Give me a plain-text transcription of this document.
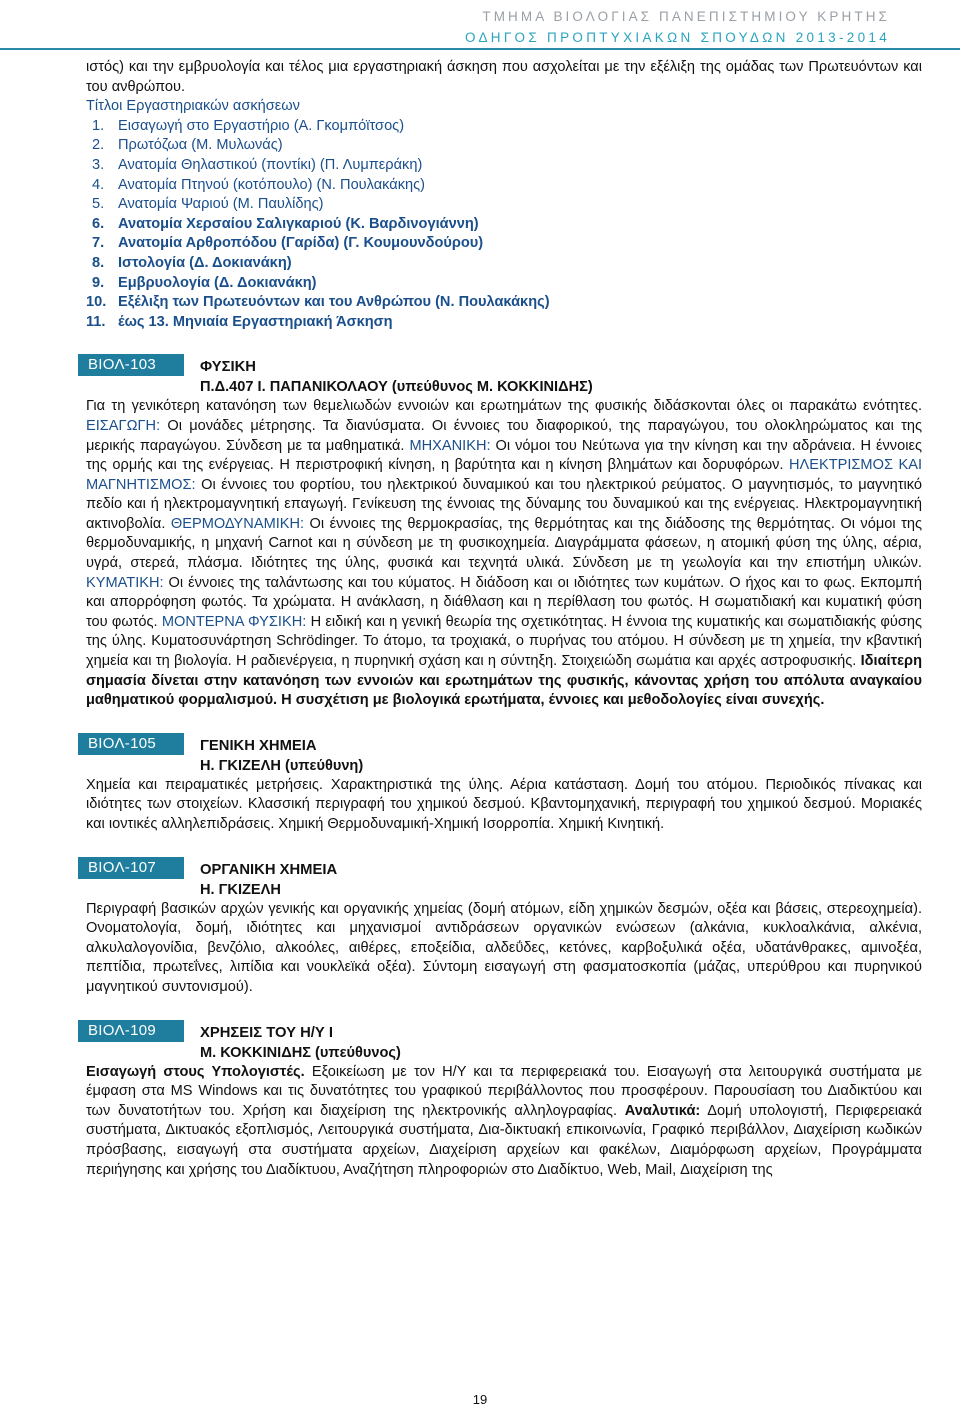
ΤΜΗΜΑ ΒΙΟΛΟΓΙΑΣ ΠΑΝΕΠΙΣΤΗΜΙΟΥ ΚΡΗΤΗΣ
ΟΔΗΓΟΣ ΠΡΟΠΤΥΧΙΑΚΩΝ ΣΠΟΥΔΩΝ 2013-2014

ιστός) και την εμβρυολογία και τέλος μια εργαστηριακή άσκηση που ασχολείται με την εξέλιξη της ομάδας των Πρωτευόντων και του ανθρώπου.

Τίτλοι Εργαστηριακών ασκήσεων
1. Εισαγωγή στο Εργαστήριο (Α. Γκομπόϊτσος)
2. Πρωτόζωα (Μ. Μυλωνάς)
3. Ανατομία Θηλαστικού (ποντίκι) (Π. Λυμπεράκη)
4. Ανατομία Πτηνού (κοτόπουλο) (Ν. Πουλακάκης)
5. Ανατομία Ψαριού (Μ. Παυλίδης)
6. Ανατομία Χερσαίου Σαλιγκαριού (Κ. Βαρδινογιάννη)
7. Ανατομία Αρθροπόδου (Γαρίδα) (Γ. Κουμουνδούρου)
8. Ιστολογία (Δ. Δοκιανάκη)
9. Εμβρυολογία (Δ. Δοκιανάκη)
10. Εξέλιξη των Πρωτευόντων και του Ανθρώπου (Ν. Πουλακάκης)
11. έως 13. Μηνιαία Εργαστηριακή Άσκηση
ΒΙΟΛ-103	ΦΥΣΙΚΗ
Π.Δ.407 Ι. ΠΑΠΑΝΙΚΟΛΑΟΥ (υπεύθυνος Μ. ΚΟΚΚΙΝΙΔΗΣ)

Για τη γενικότερη κατανόηση των θεμελιωδών εννοιών και ερωτημάτων της φυσικής διδάσκονται όλες οι παρακάτω ενότητες. ΕΙΣΑΓΩΓΗ: Οι μονάδες μέτρησης. Τα διανύσματα. Οι έννοιες του διαφορικού, της παραγώγου, του ολοκληρώματος και της μερικής παραγώγου. Σύνδεση με τα μαθηματικά. ΜΗΧΑΝΙΚΗ: Οι νόμοι του Νεύτωνα για την κίνηση και την αδράνεια. Η έννοιες της ορμής και της ενέργειας. Η περιστροφική κίνηση, η βαρύτητα και η κίνηση βλημάτων και δορυφόρων. ΗΛΕΚΤΡΙΣΜΟΣ ΚΑΙ ΜΑΓΝΗΤΙΣΜΟΣ: Οι έννοιες του φορτίου, του ηλεκτρικού δυναμικού και του ηλεκτρικού ρεύματος. Ο μαγνητισμός, το μαγνητικό πεδίο και ή ηλεκτρομαγνητική επαγωγή. Γενίκευση της έννοιας της δύναμης του δυναμικού και της ενέργειας. Ηλεκτρομαγνητική ακτινοβολία. ΘΕΡΜΟΔΥΝΑΜΙΚΗ: Οι έννοιες της θερμοκρασίας, της θερμότητας και της διάδοσης της θερμότητας. Οι νόμοι της θερμοδυναμικής, η μηχανή Carnot και η σύνδεση με τη φυσικοχημεία. Διαγράμματα φάσεων, η ατομική φύση της ύλης, αέρια, υγρά, στερεά, πλάσμα. Ιδιότητες της ύλης, φυσικά και τεχνητά υλικά. Σύνδεση με τη γεωλογία και την επιστήμη υλικών. ΚΥΜΑΤΙΚΗ: Οι έννοιες της ταλάντωσης και του κύματος. Η διάδοση και οι ιδιότητες των κυμάτων. Ο ήχος και το φως. Εκπομπή και απορρόφηση φωτός. Τα χρώματα. Η ανάκλαση, η διάθλαση και η περίθλαση του φωτός. Η σωματιδιακή και κυματική φύση του φωτός. ΜΟΝΤΕΡΝΑ ΦΥΣΙΚΗ: Η ειδική και η γενική θεωρία της σχετικότητας. Η έννοια της κυματικής και σωματιδιακής φύσης της ύλης. Κυματοσυνάρτηση Schrödinger. Το άτομο, τα τροχιακά, ο πυρήνας του ατόμου. Η σύνδεση με τη χημεία, την κβαντική χημεία και τη βιολογία. Η ραδιενέργεια, η πυρηνική σχάση και η σύντηξη. Στοιχειώδη σωμάτια και αρχές αστροφυσικής. Ιδιαίτερη σημασία δίνεται στην κατανόηση των εννοιών και ερωτημάτων της φυσικής, κάνοντας χρήση του απόλυτα αναγκαίου μαθηματικού φορμαλισμού. Η συσχέτιση με βιολογικά ερωτήματα, έννοιες και μεθοδολογίες είναι συνεχής.

ΒΙΟΛ-105	ΓΕΝΙΚΗ ΧΗΜΕΙΑ
Η. ΓΚΙΖΕΛΗ (υπεύθυνη)

Χημεία και πειραματικές μετρήσεις. Χαρακτηριστικά της ύλης. Αέρια κατάσταση. Δομή του ατόμου. Περιοδικός πίνακας και ιδιότητες των στοιχείων. Κλασσική περιγραφή του χημικού δεσμού. Κβαντομηχανική, περιγραφή του χημικού δεσμού. Μοριακές και ιοντικές αλληλεπιδράσεις. Χημική Θερμοδυναμική-Χημική Ισορροπία. Χημική Κινητική.

ΒΙΟΛ-107	ΟΡΓΑΝΙΚΗ ΧΗΜΕΙΑ
Η. ΓΚΙΖΕΛΗ

Περιγραφή βασικών αρχών γενικής και οργανικής χημείας (δομή ατόμων, είδη χημικών δεσμών, οξέα και βάσεις, στερεοχημεία). Ονοματολογία, δομή, ιδιότητες και μηχανισμοί αντιδράσεων οργανικών ενώσεων (αλκάνια, κυκλοαλκάνια, αλκένια, αλκυλαλογονίδια, βενζόλιο, αλκοόλες, αιθέρες, εποξείδια, αλδεΰδες, κετόνες, καρβοξυλικά οξέα, υδατάνθρακες, αμινοξέα, πεπτίδια, πρωτεΐνες, λιπίδια και νουκλεϊκά οξέα). Σύντομη εισαγωγή στη φασματοσκοπία (μάζας, υπερύθρου και πυρηνικού μαγνητικού συντονισμού).

ΒΙΟΛ-109	ΧΡΗΣΕΙΣ ΤΟΥ Η/Υ Ι
Μ. ΚΟΚΚΙΝΙΔΗΣ (υπεύθυνος)

Εισαγωγή στους Υπολογιστές. Εξοικείωση με τον Η/Υ και τα περιφερειακά του. Εισαγωγή στα λειτουργικά συστήματα με έμφαση στα MS Windows και τις δυνατότητες του γραφικού περιβάλλοντος που προσφέρουν. Παρουσίαση του Διαδικτύου και των δυνατοτήτων του. Χρήση και διαχείριση της ηλεκτρονικής αλληλογραφίας. Αναλυτικά: Δομή υπολογιστή, Περιφερειακά συστήματα, Δικτυακός εξοπλισμός, Λειτουργικά συστήματα, Δια-δικτυακή επικοινωνία, Γραφικό περιβάλλον, Διαχείριση κωδικών πρόσβασης, εισαγωγή στα συστήματα αρχείων, Διαχείριση αρχείων και φακέλων, Διαμόρφωση αρχείων, Προγράμματα περιήγησης και χρήσης του Διαδίκτυου, Αναζήτηση πληροφοριών στο Διαδίκτυο, Web, Mail, Διαχείριση της

19
